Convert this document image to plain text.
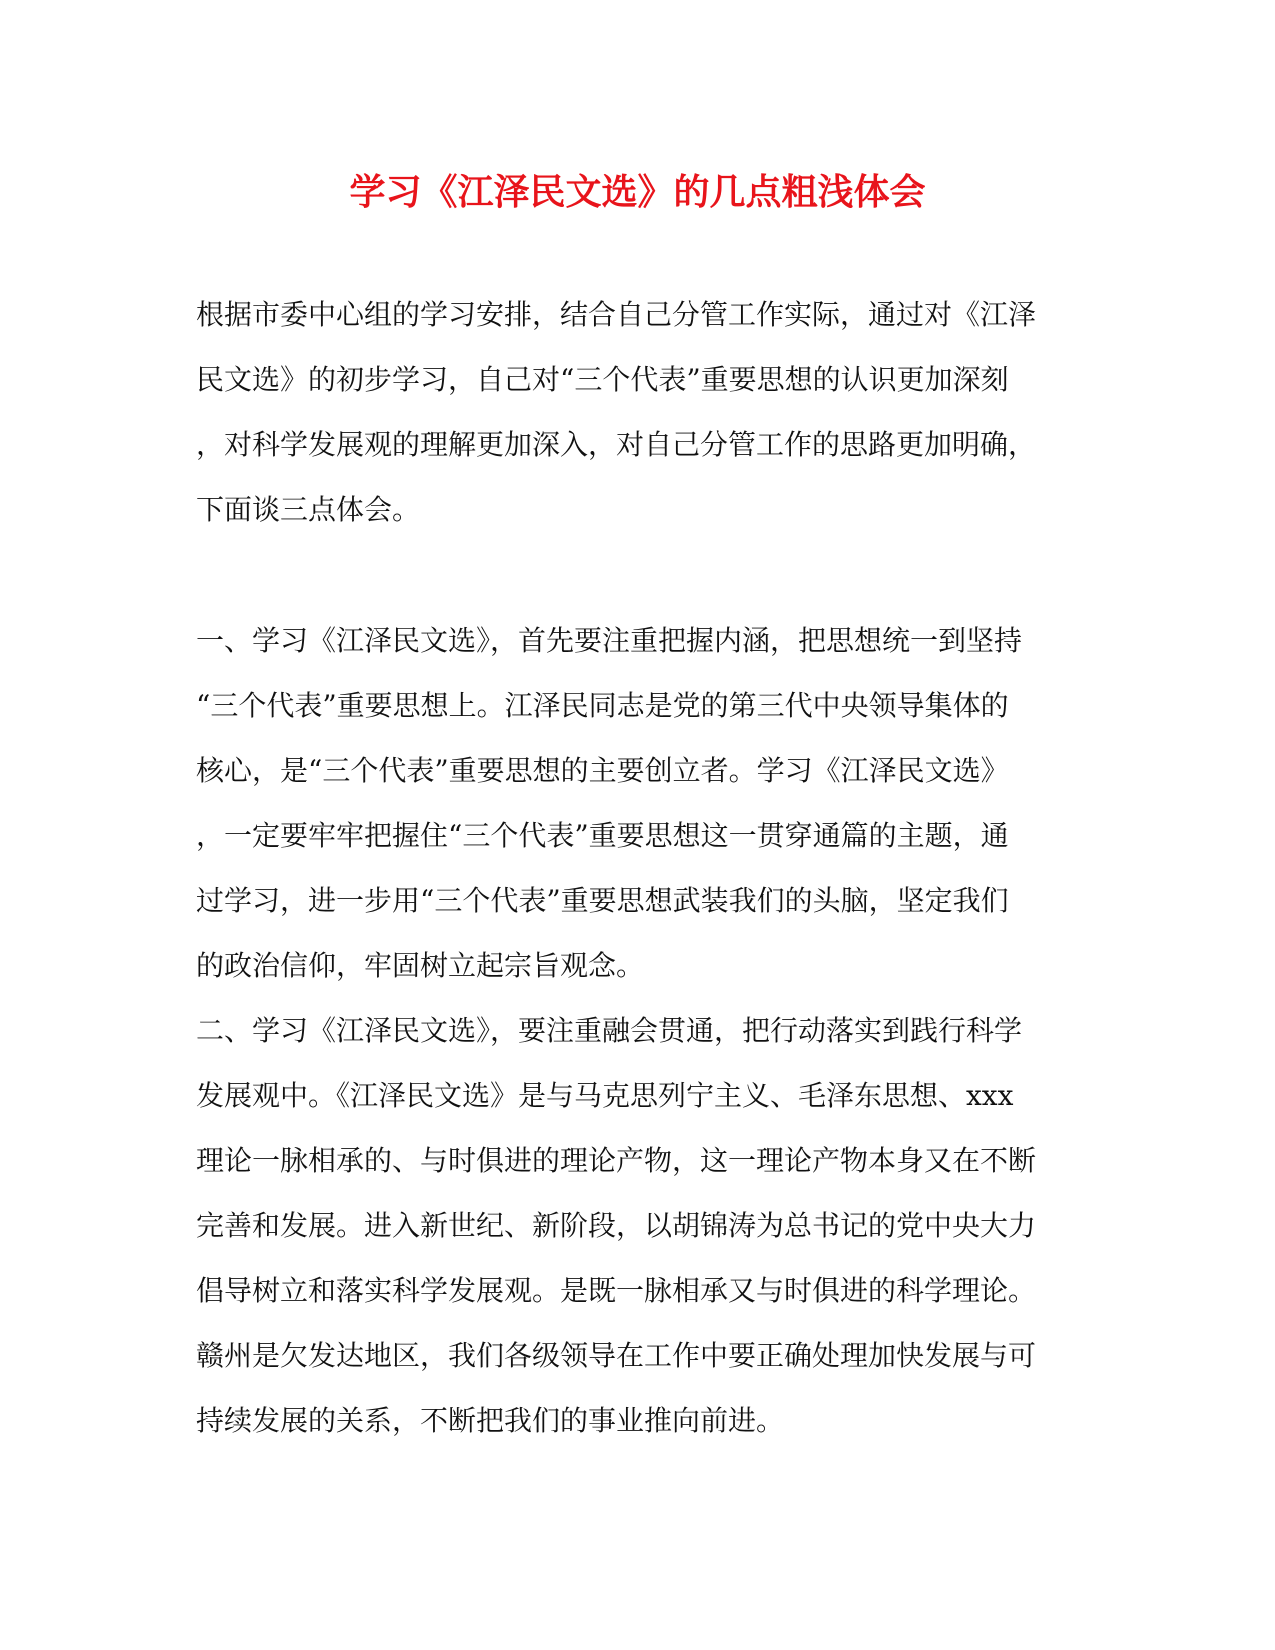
学习《江泽民文选》的几点粗浅体会
根据市委中心组的学习安排，结合自己分管工作实际，通过对《江泽
民文选》的初步学习，自己对“三个代表”重要思想的认识更加深刻
，对科学发展观的理解更加深入，对自己分管工作的思路更加明确，
下面谈三点体会。
一、学习《江泽民文选》，首先要注重把握内涵，把思想统一到坚持
“三个代表”重要思想上。江泽民同志是党的第三代中央领导集体的
核心，是“三个代表”重要思想的主要创立者。学习《江泽民文选》
，一定要牢牢把握住“三个代表”重要思想这一贯穿通篇的主题，通
过学习，进一步用“三个代表”重要思想武装我们的头脑，坚定我们
的政治信仰，牢固树立起宗旨观念。
二、学习《江泽民文选》，要注重融会贯通，把行动落实到践行科学
发展观中。《江泽民文选》是与马克思列宁主义、毛泽东思想、xxx
理论一脉相承的、与时俱进的理论产物，这一理论产物本身又在不断
完善和发展。进入新世纪、新阶段，以胡锦涛为总书记的党中央大力
倡导树立和落实科学发展观。是既一脉相承又与时俱进的科学理论。
赣州是欠发达地区，我们各级领导在工作中要正确处理加快发展与可
持续发展的关系，不断把我们的事业推向前进。
